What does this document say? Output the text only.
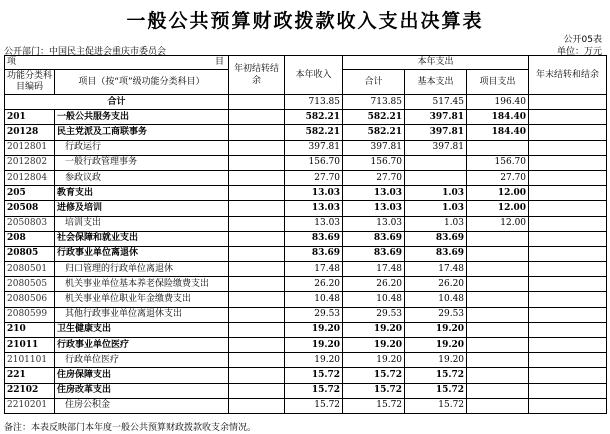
一般公共预算财政拨款收入支出决算表
公开05表
公开部门：中国民主促进会重庆市委员会	单位：万元
项 目		年初结转结余	本年收入	本年支出			年末结转和结余
功能分类科目编码	项目（按“项”级功能分类科目）			合计	基本支出	项目支出	
合计			713.85	713.85	517.45	196.40	
201	一般公共服务支出		582.21	582.21	397.81	184.40	
20128	民主党派及工商联事务		582.21	582.21	397.81	184.40	
2012801	行政运行		397.81	397.81	397.81		
2012802	一般行政管理事务		156.70	156.70		156.70	
2012804	参政议政		27.70	27.70		27.70	
205	教育支出		13.03	13.03	1.03	12.00	
20508	进修及培训		13.03	13.03	1.03	12.00	
2050803	培训支出		13.03	13.03	1.03	12.00	
208	社会保障和就业支出		83.69	83.69	83.69		
20805	行政事业单位离退休		83.69	83.69	83.69		
2080501	归口管理的行政单位离退休		17.48	17.48	17.48		
2080505	机关事业单位基本养老保险缴费支出		26.20	26.20	26.20		
2080506	机关事业单位职业年金缴费支出		10.48	10.48	10.48		
2080599	其他行政事业单位离退休支出		29.53	29.53	29.53		
210	卫生健康支出		19.20	19.20	19.20		
21011	行政事业单位医疗		19.20	19.20	19.20		
2101101	行政单位医疗		19.20	19.20	19.20		
221	住房保障支出		15.72	15.72	15.72		
22102	住房改革支出		15.72	15.72	15.72		
2210201	住房公积金		15.72	15.72	15.72		
备注：本表反映部门本年度一般公共预算财政拨款收支余情况。
